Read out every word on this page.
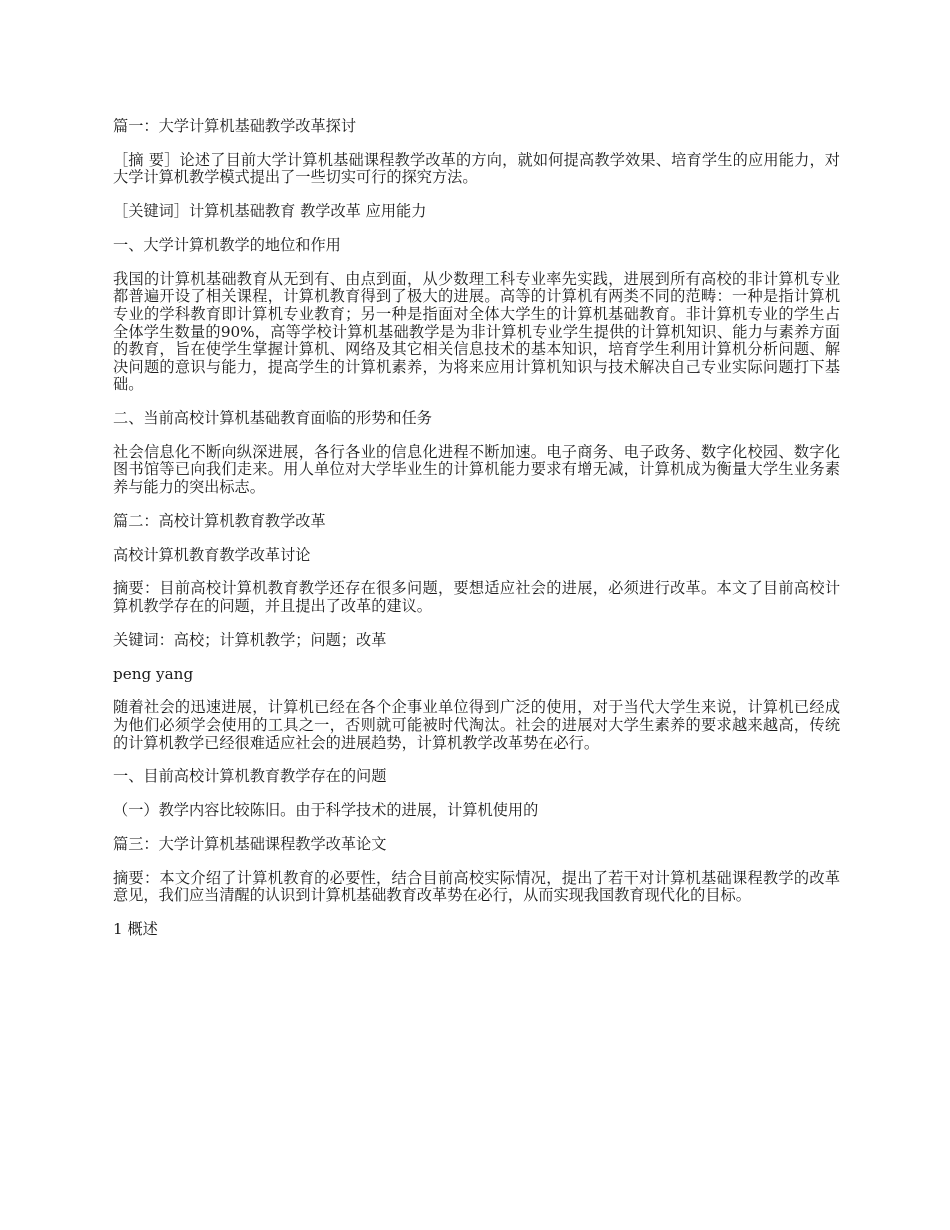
篇一：大学计算机基础教学改革探讨

［摘 要］论述了目前大学计算机基础课程教学改革的方向，就如何提高教学效果、培育学生的应用能力，对大学计算机教学模式提出了一些切实可行的探究方法。

［关键词］计算机基础教育 教学改革 应用能力

一、大学计算机教学的地位和作用

我国的计算机基础教育从无到有、由点到面，从少数理工科专业率先实践，进展到所有高校的非计算机专业都普遍开设了相关课程，计算机教育得到了极大的进展。高等的计算机有两类不同的范畴：一种是指计算机专业的学科教育即计算机专业教育；另一种是指面对全体大学生的计算机基础教育。非计算机专业的学生占全体学生数量的90%，高等学校计算机基础教学是为非计算机专业学生提供的计算机知识、能力与素养方面的教育，旨在使学生掌握计算机、网络及其它相关信息技术的基本知识，培育学生利用计算机分析问题、解决问题的意识与能力，提高学生的计算机素养，为将来应用计算机知识与技术解决自己专业实际问题打下基础。

二、当前高校计算机基础教育面临的形势和任务

社会信息化不断向纵深进展，各行各业的信息化进程不断加速。电子商务、电子政务、数字化校园、数字化图书馆等已向我们走来。用人单位对大学毕业生的计算机能力要求有增无减，计算机成为衡量大学生业务素养与能力的突出标志。

篇二：高校计算机教育教学改革

高校计算机教育教学改革讨论

摘要：目前高校计算机教育教学还存在很多问题，要想适应社会的进展，必须进行改革。本文了目前高校计算机教学存在的问题，并且提出了改革的建议。

关键词：高校；计算机教学；问题；改革

peng yang

随着社会的迅速进展，计算机已经在各个企事业单位得到广泛的使用，对于当代大学生来说，计算机已经成为他们必须学会使用的工具之一，否则就可能被时代淘汰。社会的进展对大学生素养的要求越来越高，传统的计算机教学已经很难适应社会的进展趋势，计算机教学改革势在必行。

一、目前高校计算机教育教学存在的问题

（一）教学内容比较陈旧。由于科学技术的进展，计算机使用的

篇三：大学计算机基础课程教学改革论文

摘要：本文介绍了计算机教育的必要性，结合目前高校实际情况，提出了若干对计算机基础课程教学的改革意见，我们应当清醒的认识到计算机基础教育改革势在必行，从而实现我国教育现代化的目标。

1 概述
